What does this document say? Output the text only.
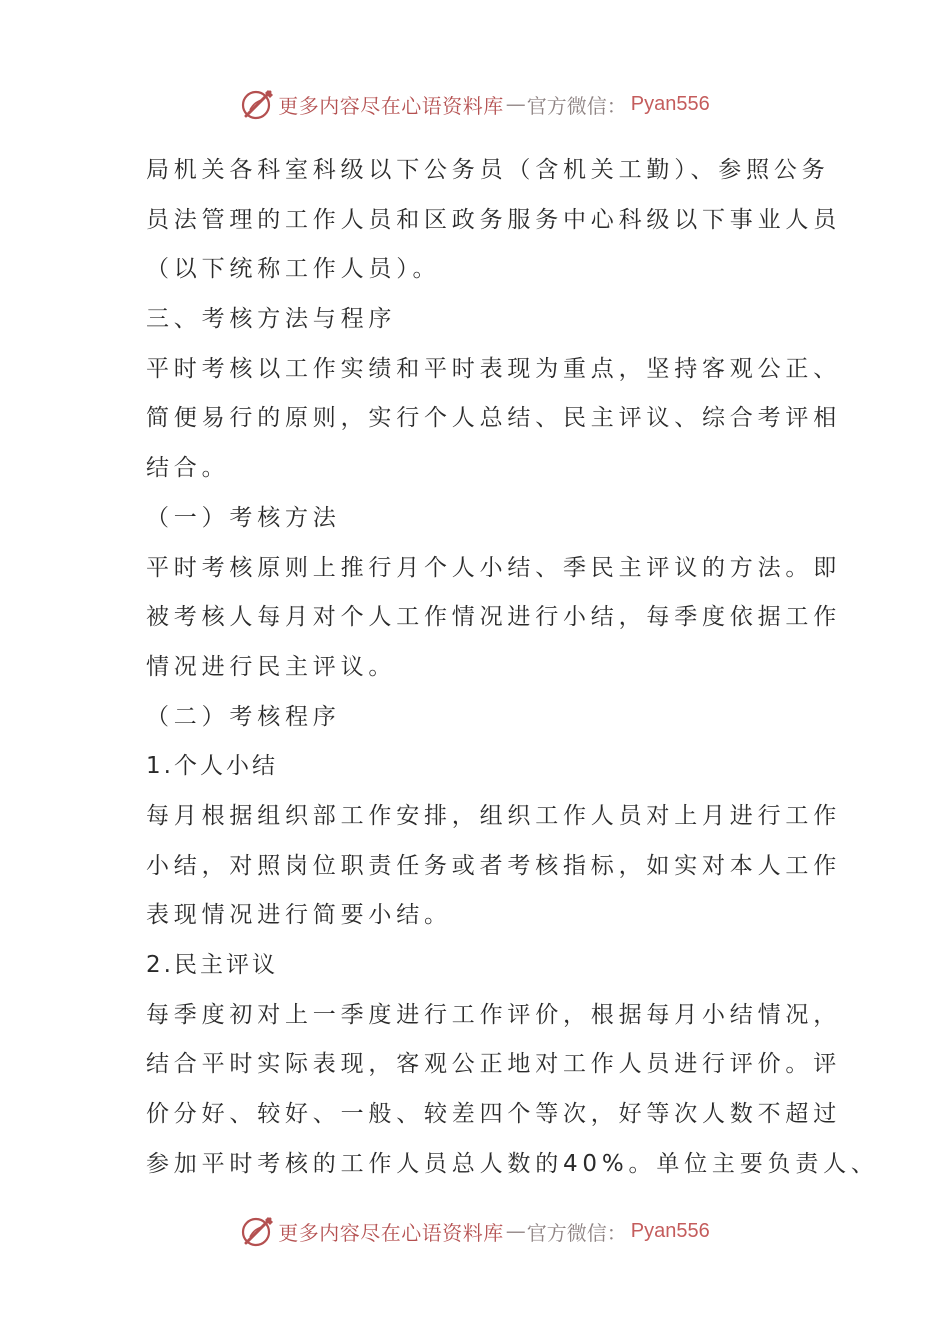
更多内容尽在心语资料库 — 官方微信： Pyan556
局机关各科室科级以下公务员（含机关工勤）、参照公务
员法管理的工作人员和区政务服务中心科级以下事业人员
（以下统称工作人员）。
三、考核方法与程序
平时考核以工作实绩和平时表现为重点，坚持客观公正、
简便易行的原则，实行个人总结、民主评议、综合考评相
结合。
（一）考核方法
平时考核原则上推行月个人小结、季民主评议的方法。即
被考核人每月对个人工作情况进行小结，每季度依据工作
情况进行民主评议。
（二）考核程序
1.个人小结
每月根据组织部工作安排，组织工作人员对上月进行工作
小结，对照岗位职责任务或者考核指标，如实对本人工作
表现情况进行简要小结。
2.民主评议
每季度初对上一季度进行工作评价，根据每月小结情况，
结合平时实际表现，客观公正地对工作人员进行评价。评
价分好、较好、一般、较差四个等次，好等次人数不超过
参加平时考核的工作人员总人数的40%。单位主要负责人、
更多内容尽在心语资料库 — 官方微信： Pyan556
